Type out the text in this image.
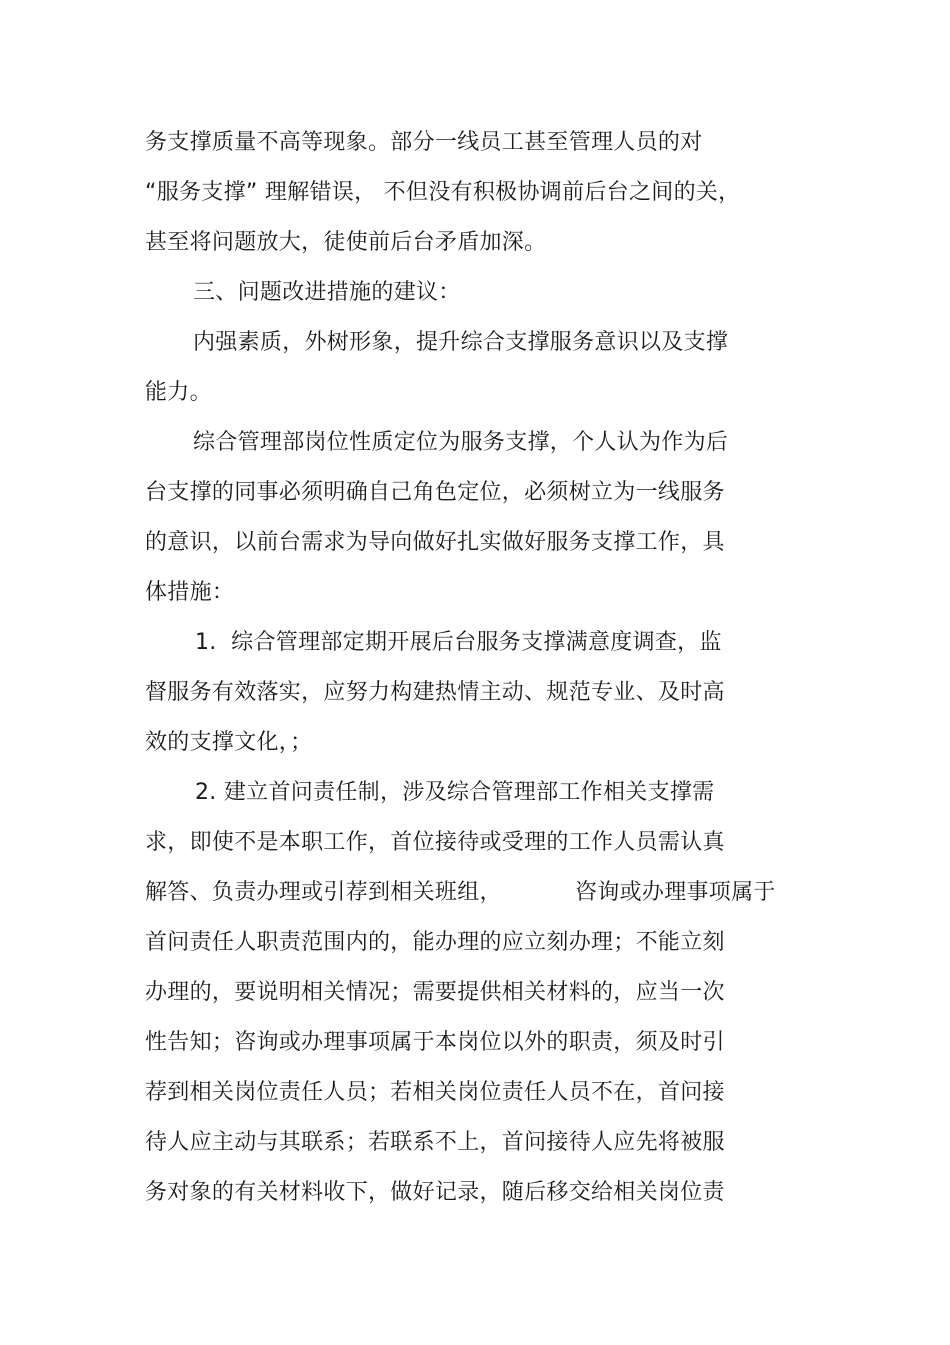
务支撑质量不高等现象。部分一线员工甚至管理人员的对
“服务支撑” 理解错误， 不但没有积极协调前后台之间的关，
甚至将问题放大，徒使前后台矛盾加深。
三、问题改进措施的建议：
内强素质，外树形象，提升综合支撑服务意识以及支撑
能力。
综合管理部岗位性质定位为服务支撑，个人认为作为后
台支撑的同事必须明确自己角色定位，必须树立为一线服务
的意识，以前台需求为导向做好扎实做好服务支撑工作，具
体措施：
1.  综合管理部定期开展后台服务支撑满意度调查，监
督服务有效落实，应努力构建热情主动、规范专业、及时高
效的支撑文化，；
2. 建立首问责任制，涉及综合管理部工作相关支撑需
求，即使不是本职工作，首位接待或受理的工作人员需认真
解答、负责办理或引荐到相关班组，	咨询或办理事项属于
首问责任人职责范围内的，能办理的应立刻办理；不能立刻
办理的，要说明相关情况；需要提供相关材料的，应当一次
性告知；咨询或办理事项属于本岗位以外的职责，须及时引
荐到相关岗位责任人员；若相关岗位责任人员不在，首问接
待人应主动与其联系；若联系不上，首问接待人应先将被服
务对象的有关材料收下，做好记录，随后移交给相关岗位责
